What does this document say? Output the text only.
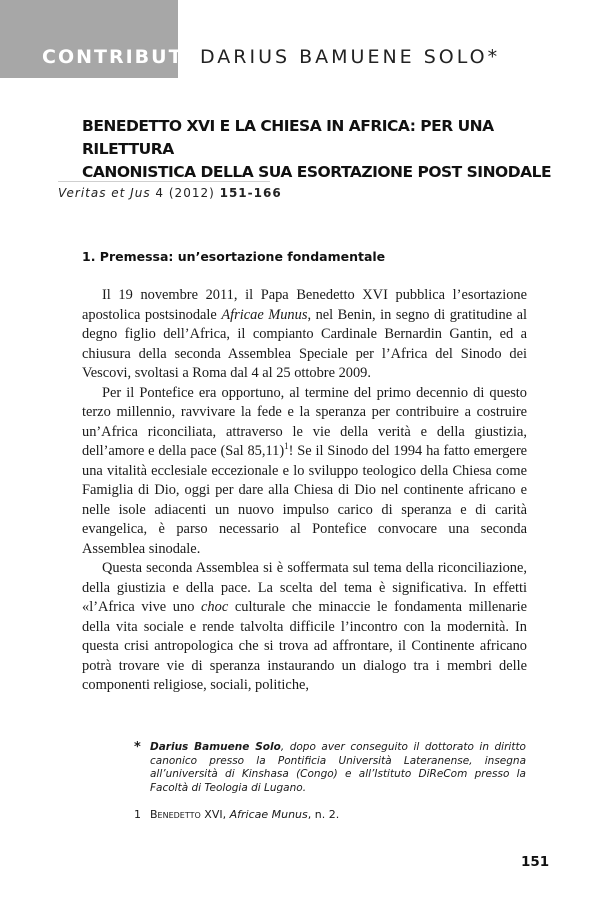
CONTRIBUTI DARIUS BAMUENE SOLO*
BENEDETTO XVI E LA CHIESA IN AFRICA: PER UNA RILETTURA
CANONISTICA DELLA SUA ESORTAZIONE POST SINODALE
Veritas et Jus 4 (2012) 151-166
1. Premessa: un’esortazione fondamentale

Il 19 novembre 2011, il Papa Benedetto XVI pubblica l’esortazione apostolica postsinodale Africae Munus, nel Benin, in segno di gratitudine al degno figlio dell’Africa, il compianto Cardinale Bernardin Gantin, ed a chiusura della seconda Assemblea Speciale per l’Africa del Sinodo dei Vescovi, svoltasi a Roma dal 4 al 25 ottobre 2009.

Per il Pontefice era opportuno, al termine del primo decennio di questo terzo millennio, ravvivare la fede e la speranza per contribuire a costruire un’Africa riconciliata, attraverso le vie della verità e della giustizia, dell’amore e della pace (Sal 85,11)$^1$! Se il Sinodo del 1994 ha fatto emergere una vitalità ecclesiale eccezionale e lo sviluppo teologico della Chiesa come Famiglia di Dio, oggi per dare alla Chiesa di Dio nel continente africano e nelle isole adiacenti un nuovo impulso carico di speranza e di carità evangelica, è parso necessario al Pontefice convocare una seconda Assemblea sinodale.

Questa seconda Assemblea si è soffermata sul tema della riconciliazione, della giustizia e della pace. La scelta del tema è significativa. In effetti «l’Africa vive uno choc culturale che minaccie le fondamenta millenarie della vita sociale e rende talvolta difficile l’incontro con la modernità. In questa crisi antropologica che si trova ad affrontare, il Continente africano potrà trovare vie di speranza instaurando un dialogo tra i membri delle componenti religiose, sociali, politiche,

* Darius Bamuene Solo, dopo aver conseguito il dottorato in diritto canonico presso la Pontificia Università Lateranense, insegna all’università di Kinshasa (Congo) e all’Istituto DiReCom presso la Facoltà di Teologia di Lugano.
1 Benedetto XVI, Africae Munus, n. 2.
151
